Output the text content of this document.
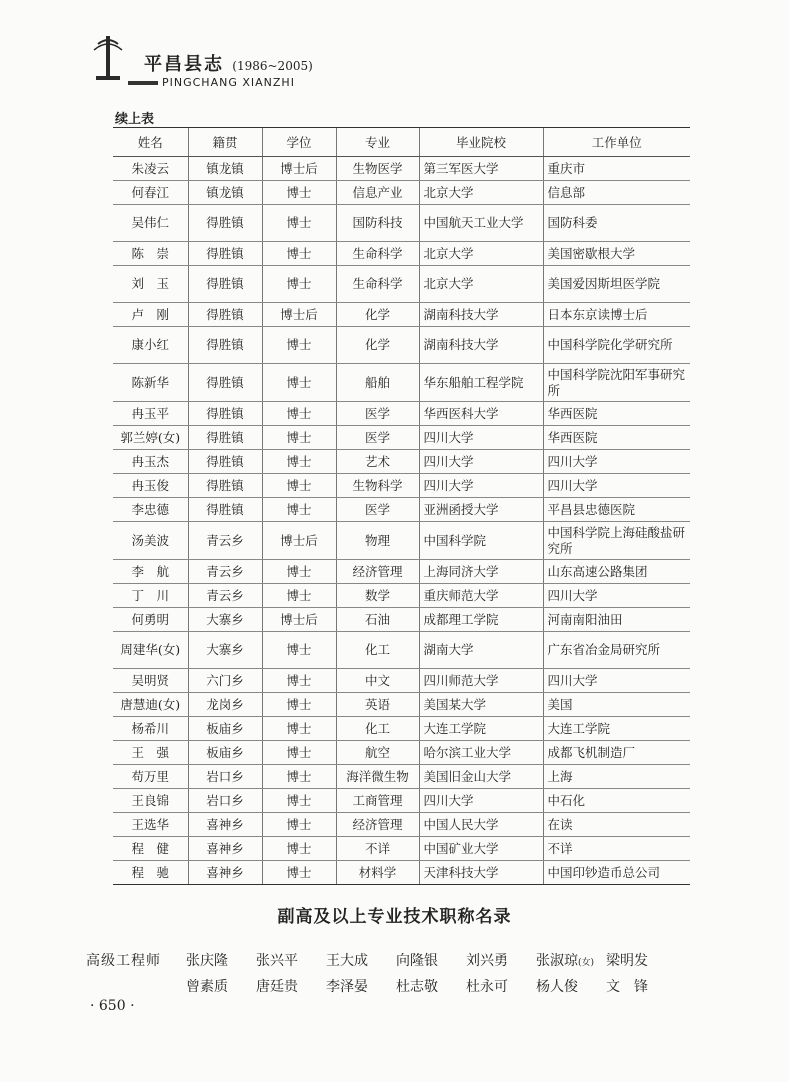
平昌县志 (1986~2005)
PINGCHANG XIANZHI
续上表
姓名	籍贯	学位	专业	毕业院校	工作单位
朱凌云	镇龙镇	博士后	生物医学	第三军医大学	重庆市
何春江	镇龙镇	博士	信息产业	北京大学	信息部
吴伟仁	得胜镇	博士	国防科技	中国航天工业大学	国防科委
陈　崇	得胜镇	博士	生命科学	北京大学	美国密歇根大学
刘　玉	得胜镇	博士	生命科学	北京大学	美国爱因斯坦医学院
卢　刚	得胜镇	博士后	化学	湖南科技大学	日本东京读博士后
康小红	得胜镇	博士	化学	湖南科技大学	中国科学院化学研究所
陈新华	得胜镇	博士	船舶	华东船舶工程学院	中国科学院沈阳军事研究所
冉玉平	得胜镇	博士	医学	华西医科大学	华西医院
郭兰婷(女)	得胜镇	博士	医学	四川大学	华西医院
冉玉杰	得胜镇	博士	艺术	四川大学	四川大学
冉玉俊	得胜镇	博士	生物科学	四川大学	四川大学
李忠德	得胜镇	博士	医学	亚洲函授大学	平昌县忠德医院
汤美波	青云乡	博士后	物理	中国科学院	中国科学院上海硅酸盐研究所
李　航	青云乡	博士	经济管理	上海同济大学	山东高速公路集团
丁　川	青云乡	博士	数学	重庆师范大学	四川大学
何勇明	大寨乡	博士后	石油	成都理工学院	河南南阳油田
周建华(女)	大寨乡	博士	化工	湖南大学	广东省冶金局研究所
吴明贤	六门乡	博士	中文	四川师范大学	四川大学
唐慧迪(女)	龙岗乡	博士	英语	美国某大学	美国
杨希川	板庙乡	博士	化工	大连工学院	大连工学院
王　强	板庙乡	博士	航空	哈尔滨工业大学	成都飞机制造厂
苟万里	岩口乡	博士	海洋微生物	美国旧金山大学	上海
王良锦	岩口乡	博士	工商管理	四川大学	中石化
王选华	喜神乡	博士	经济管理	中国人民大学	在读
程　健	喜神乡	博士	不详	中国矿业大学	不详
程　驰	喜神乡	博士	材料学	天津科技大学	中国印钞造币总公司
副高及以上专业技术职称名录
高级工程师 张庆隆	张兴平	王大成	向隆银	刘兴勇	张淑琼(女) 梁明发
曾素质	唐廷贵	李泽晏	杜志敬	杜永可	杨人俊	文　锋
· 650 ·
